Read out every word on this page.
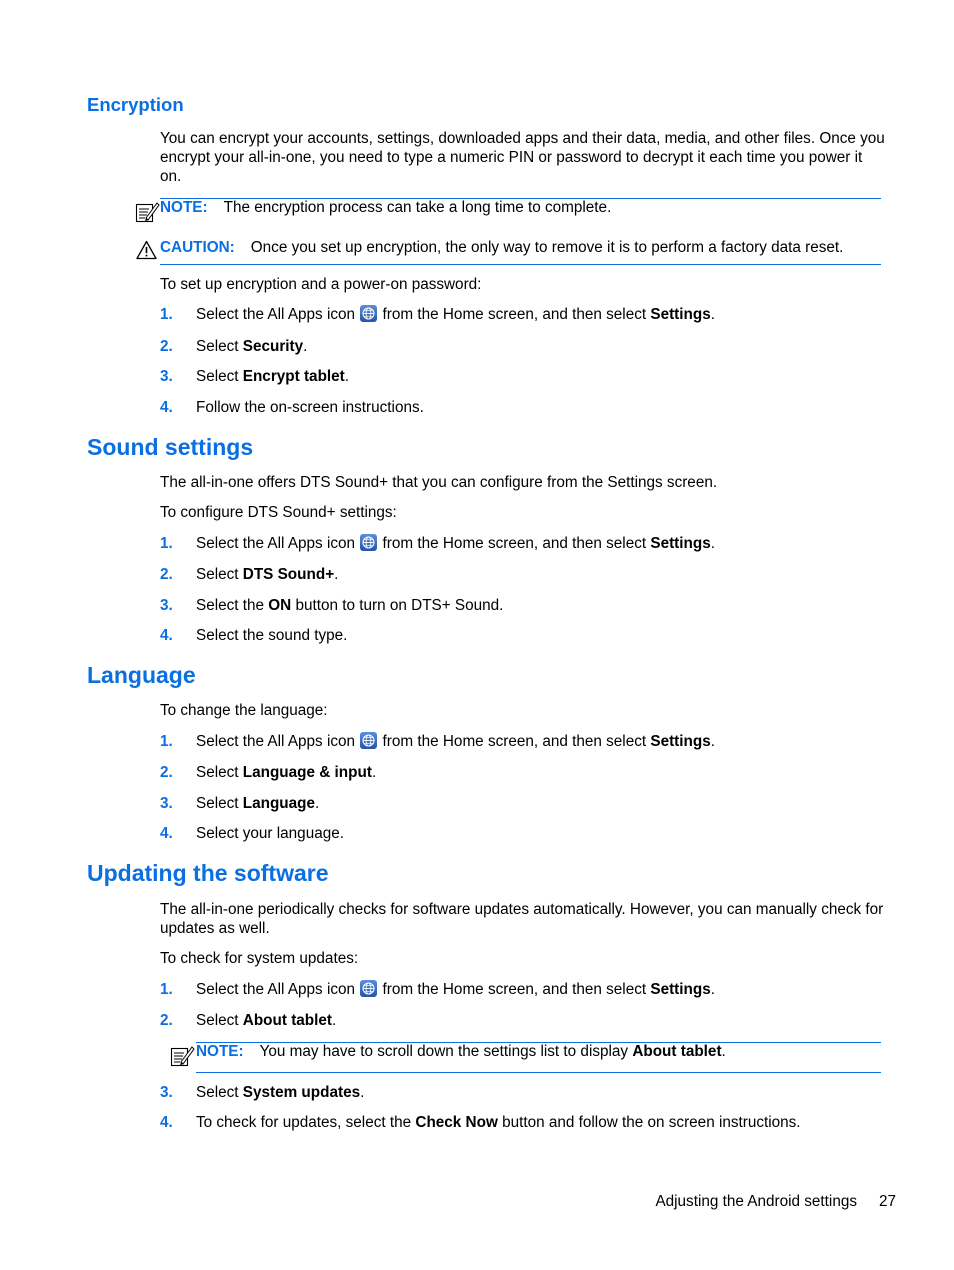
Encryption
You can encrypt your accounts, settings, downloaded apps and their data, media, and other files. Once you encrypt your all-in-one, you need to type a numeric PIN or password to decrypt it each time you power it on.
NOTE: The encryption process can take a long time to complete.
CAUTION: Once you set up encryption, the only way to remove it is to perform a factory data reset.
To set up encryption and a power-on password:
1.	Select the All Apps icon
from the Home screen, and then select Settings.
2.	Select Security.
3.	Select Encrypt tablet.
4.	Follow the on-screen instructions.
Sound settings
The all-in-one offers DTS Sound+ that you can configure from the Settings screen.
To configure DTS Sound+ settings:
1.	Select the All Apps icon
from the Home screen, and then select Settings.
2.	Select DTS Sound+.
3.	Select the ON button to turn on DTS+ Sound.
4.	Select the sound type.
Language
To change the language:
1.	Select the All Apps icon
from the Home screen, and then select Settings.
2.	Select Language & input.
3.	Select Language.
4.	Select your language.
Updating the software
The all-in-one periodically checks for software updates automatically. However, you can manually check for updates as well.
To check for system updates:
1.	Select the All Apps icon
from the Home screen, and then select Settings.
2.	Select About tablet.
NOTE: You may have to scroll down the settings list to display About tablet.
3.	Select System updates.
4.	To check for updates, select the Check Now button and follow the on screen instructions.
Adjusting the Android settings 27
